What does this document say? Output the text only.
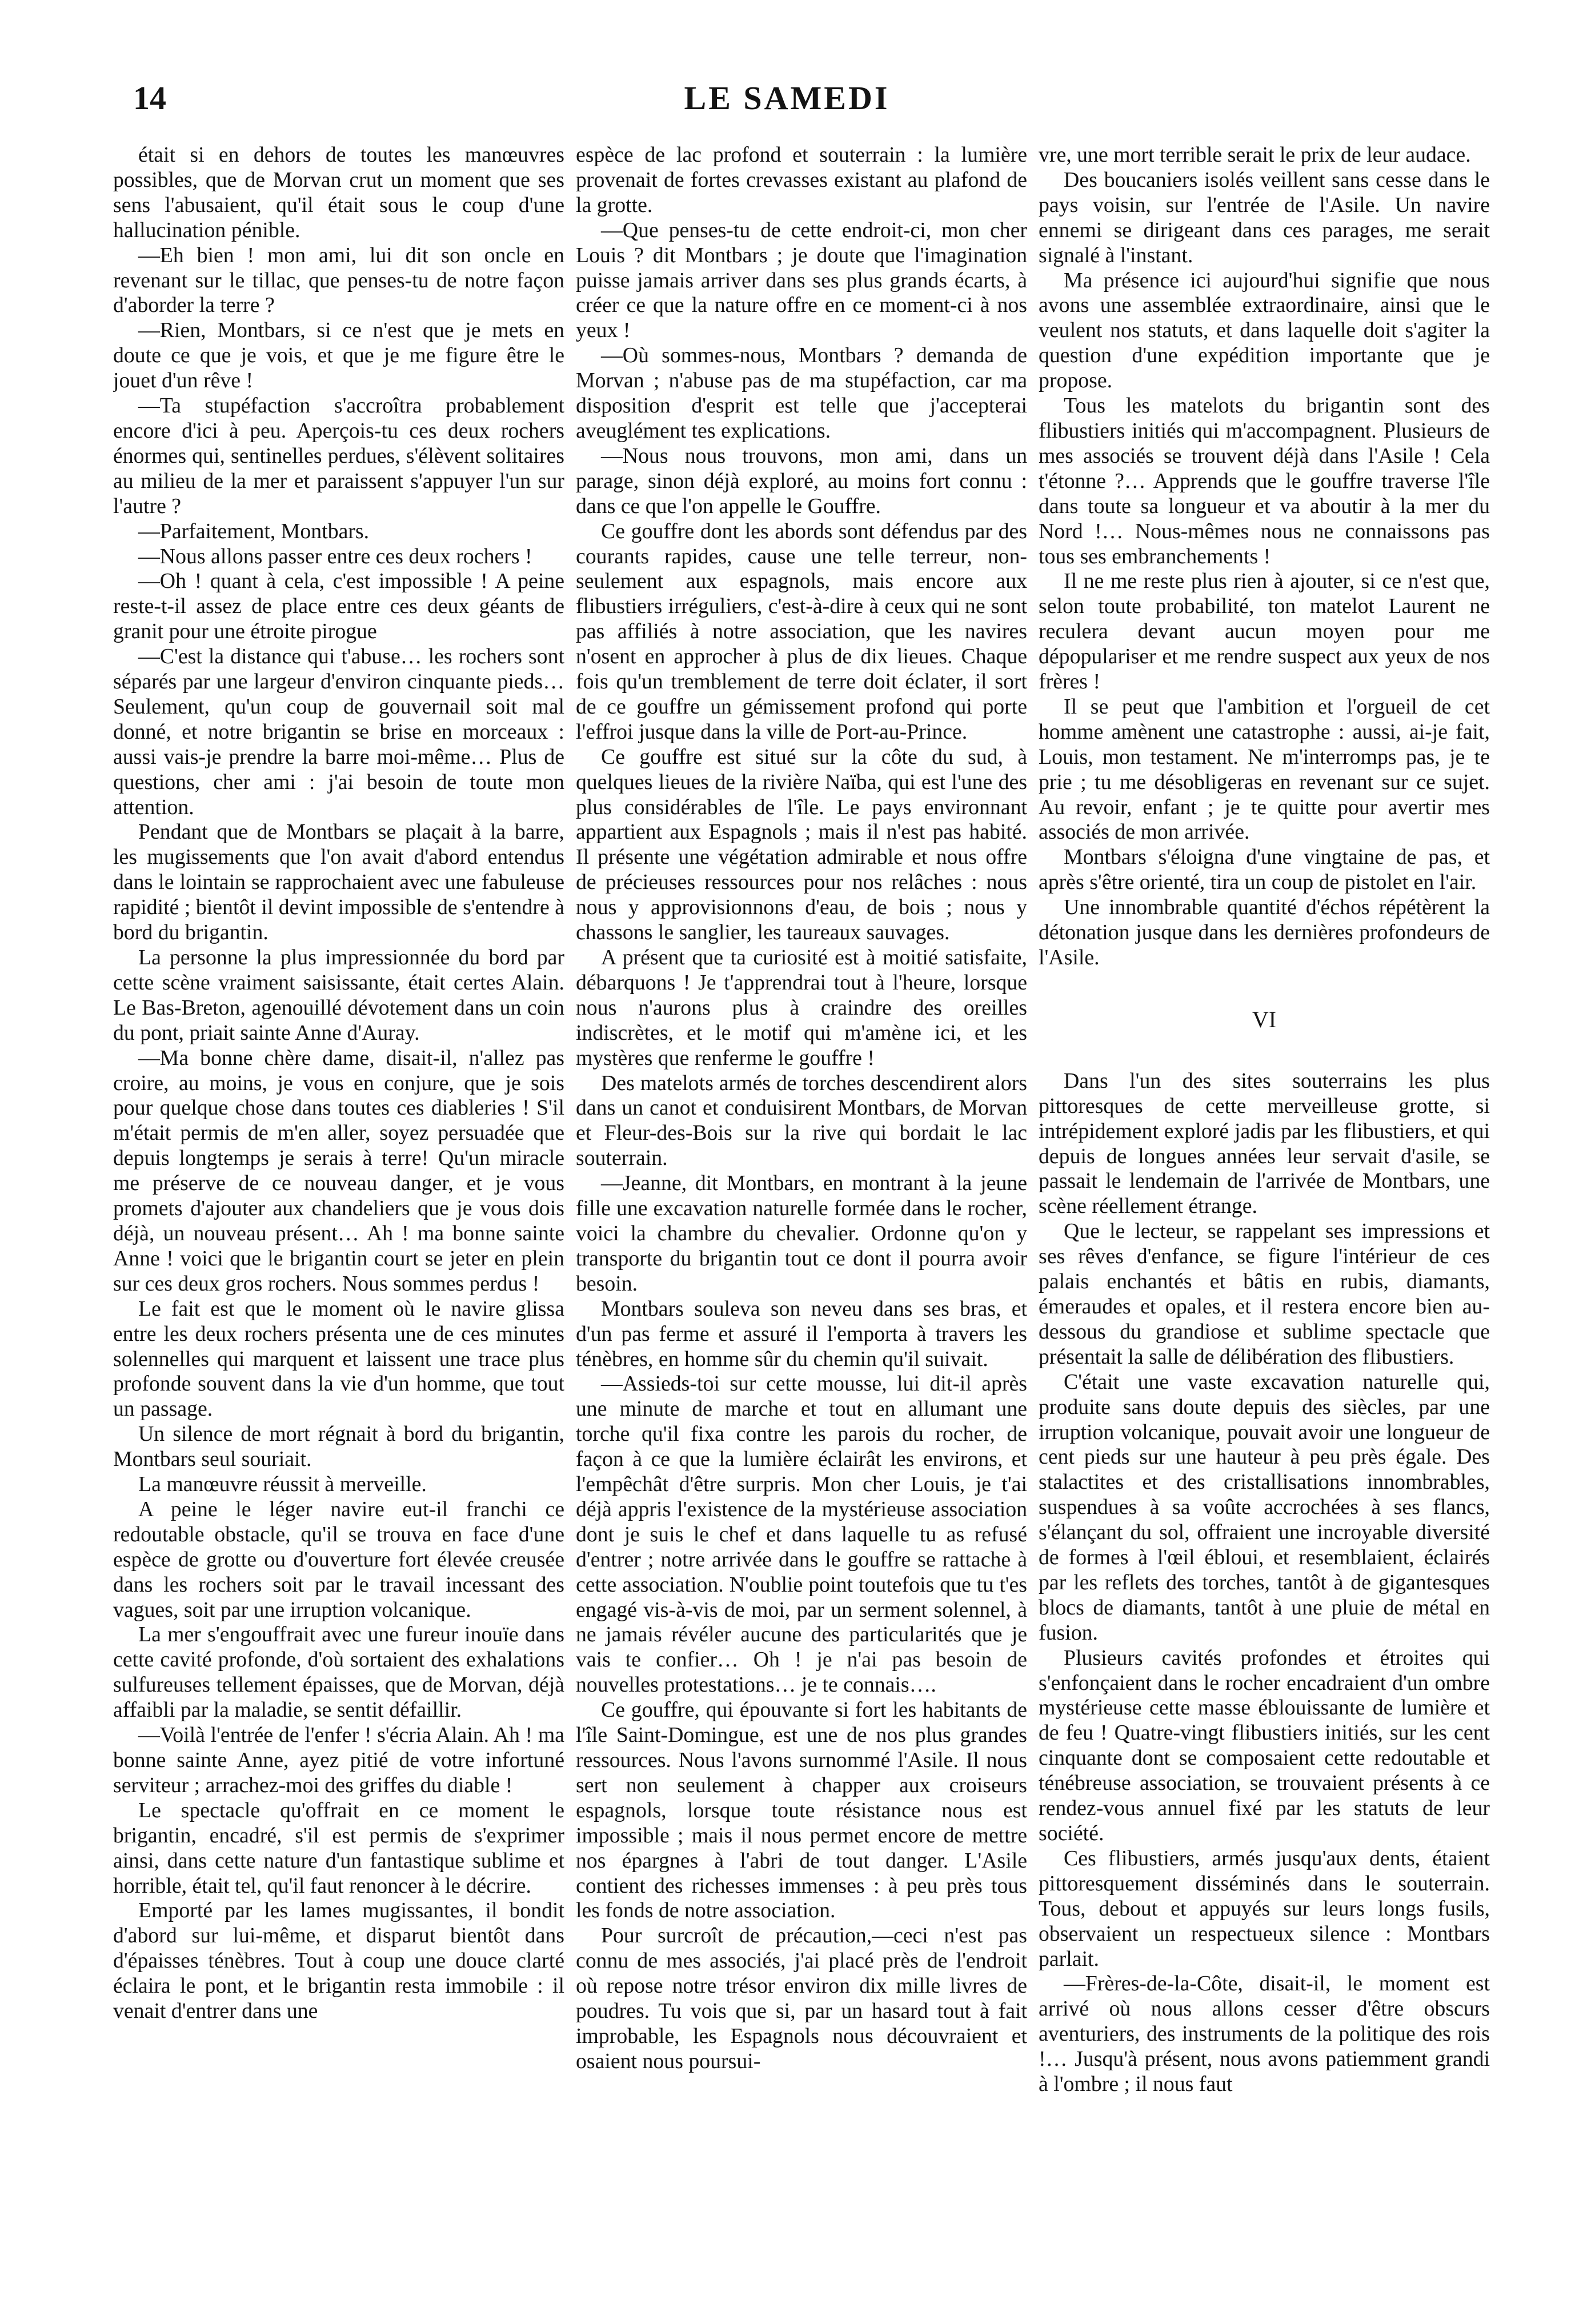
14	LE SAMEDI

était si en dehors de toutes les manœuvres possibles, que de Morvan crut un moment que ses sens l'abusaient, qu'il était sous le coup d'une hallucination pénible.

—Eh bien ! mon ami, lui dit son oncle en revenant sur le tillac, que penses-tu de notre façon d'aborder la terre ?

—Rien, Montbars, si ce n'est que je mets en doute ce que je vois, et que je me figure être le jouet d'un rêve !

—Ta stupéfaction s'accroîtra probablement encore d'ici à peu. Aperçois-tu ces deux rochers énormes qui, sentinelles perdues, s'élèvent solitaires au milieu de la mer et paraissent s'appuyer l'un sur l'autre ?

—Parfaitement, Montbars.

—Nous allons passer entre ces deux rochers !

—Oh ! quant à cela, c'est impossible ! A peine reste-t-il assez de place entre ces deux géants de granit pour une étroite pirogue

—C'est la distance qui t'abuse… les rochers sont séparés par une largeur d'environ cinquante pieds… Seulement, qu'un coup de gouvernail soit mal donné, et notre brigantin se brise en morceaux : aussi vais-je prendre la barre moi-même… Plus de questions, cher ami : j'ai besoin de toute mon attention.

Pendant que de Montbars se plaçait à la barre, les mugissements que l'on avait d'abord entendus dans le lointain se rapprochaient avec une fabuleuse rapidité ; bientôt il devint impossible de s'entendre à bord du brigantin.

La personne la plus impressionnée du bord par cette scène vraiment saisissante, était certes Alain. Le Bas-Breton, agenouillé dévotement dans un coin du pont, priait sainte Anne d'Auray.

—Ma bonne chère dame, disait-il, n'allez pas croire, au moins, je vous en conjure, que je sois pour quelque chose dans toutes ces diableries ! S'il m'était permis de m'en aller, soyez persuadée que depuis longtemps je serais à terre! Qu'un miracle me préserve de ce nouveau danger, et je vous promets d'ajouter aux chandeliers que je vous dois déjà, un nouveau présent… Ah ! ma bonne sainte Anne ! voici que le brigantin court se jeter en plein sur ces deux gros rochers. Nous sommes perdus !

Le fait est que le moment où le navire glissa entre les deux rochers présenta une de ces minutes solennelles qui marquent et laissent une trace plus profonde souvent dans la vie d'un homme, que tout un passage.

Un silence de mort régnait à bord du brigantin, Montbars seul souriait.

La manœuvre réussit à merveille.

A peine le léger navire eut-il franchi ce redoutable obstacle, qu'il se trouva en face d'une espèce de grotte ou d'ouverture fort élevée creusée dans les rochers soit par le travail incessant des vagues, soit par une irruption volcanique.

La mer s'engouffrait avec une fureur inouïe dans cette cavité profonde, d'où sortaient des exhalations sulfureuses tellement épaisses, que de Morvan, déjà affaibli par la maladie, se sentit défaillir.

—Voilà l'entrée de l'enfer ! s'écria Alain. Ah ! ma bonne sainte Anne, ayez pitié de votre infortuné serviteur ; arrachez-moi des griffes du diable !

Le spectacle qu'offrait en ce moment le brigantin, encadré, s'il est permis de s'exprimer ainsi, dans cette nature d'un fantastique sublime et horrible, était tel, qu'il faut renoncer à le décrire.

Emporté par les lames mugissantes, il bondit d'abord sur lui-même, et disparut bientôt dans d'épaisses ténèbres. Tout à coup une douce clarté éclaira le pont, et le brigantin resta immobile : il venait d'entrer dans une

espèce de lac profond et souterrain : la lumière provenait de fortes crevasses existant au plafond de la grotte.

—Que penses-tu de cette endroit-ci, mon cher Louis ? dit Montbars ; je doute que l'imagination puisse jamais arriver dans ses plus grands écarts, à créer ce que la nature offre en ce moment-ci à nos yeux !

—Où sommes-nous, Montbars ? demanda de Morvan ; n'abuse pas de ma stupéfaction, car ma disposition d'esprit est telle que j'accepterai aveuglément tes explications.

—Nous nous trouvons, mon ami, dans un parage, sinon déjà exploré, au moins fort connu : dans ce que l'on appelle le Gouffre.

Ce gouffre dont les abords sont défendus par des courants rapides, cause une telle terreur, non-seulement aux espagnols, mais encore aux flibustiers irréguliers, c'est-à-dire à ceux qui ne sont pas affiliés à notre association, que les navires n'osent en approcher à plus de dix lieues. Chaque fois qu'un tremblement de terre doit éclater, il sort de ce gouffre un gémissement profond qui porte l'effroi jusque dans la ville de Port-au-Prince.

Ce gouffre est situé sur la côte du sud, à quelques lieues de la rivière Naïba, qui est l'une des plus considérables de l'île. Le pays environnant appartient aux Espagnols ; mais il n'est pas habité. Il présente une végétation admirable et nous offre de précieuses ressources pour nos relâches : nous nous y approvisionnons d'eau, de bois ; nous y chassons le sanglier, les taureaux sauvages.

A présent que ta curiosité est à moitié satisfaite, débarquons ! Je t'apprendrai tout à l'heure, lorsque nous n'aurons plus à craindre des oreilles indiscrètes, et le motif qui m'amène ici, et les mystères que renferme le gouffre !

Des matelots armés de torches descendirent alors dans un canot et conduisirent Montbars, de Morvan et Fleur-des-Bois sur la rive qui bordait le lac souterrain.

—Jeanne, dit Montbars, en montrant à la jeune fille une excavation naturelle formée dans le rocher, voici la chambre du chevalier. Ordonne qu'on y transporte du brigantin tout ce dont il pourra avoir besoin.

Montbars souleva son neveu dans ses bras, et d'un pas ferme et assuré il l'emporta à travers les ténèbres, en homme sûr du chemin qu'il suivait.

—Assieds-toi sur cette mousse, lui dit-il après une minute de marche et tout en allumant une torche qu'il fixa contre les parois du rocher, de façon à ce que la lumière éclairât les environs, et l'empêchât d'être surpris. Mon cher Louis, je t'ai déjà appris l'existence de la mystérieuse association dont je suis le chef et dans laquelle tu as refusé d'entrer ; notre arrivée dans le gouffre se rattache à cette association. N'oublie point toutefois que tu t'es engagé vis-à-vis de moi, par un serment solennel, à ne jamais révéler aucune des particularités que je vais te confier… Oh ! je n'ai pas besoin de nouvelles protestations… je te connais….

Ce gouffre, qui épouvante si fort les habitants de l'île Saint-Domingue, est une de nos plus grandes ressources. Nous l'avons surnommé l'Asile. Il nous sert non seulement à chapper aux croiseurs espagnols, lorsque toute résistance nous est impossible ; mais il nous permet encore de mettre nos épargnes à l'abri de tout danger. L'Asile contient des richesses immenses : à peu près tous les fonds de notre association.

Pour surcroît de précaution,—ceci n'est pas connu de mes associés, j'ai placé près de l'endroit où repose notre trésor environ dix mille livres de poudres. Tu vois que si, par un hasard tout à fait improbable, les Espagnols nous découvraient et osaient nous poursui-

vre, une mort terrible serait le prix de leur audace.

Des boucaniers isolés veillent sans cesse dans le pays voisin, sur l'entrée de l'Asile. Un navire ennemi se dirigeant dans ces parages, me serait signalé à l'instant.

Ma présence ici aujourd'hui signifie que nous avons une assemblée extraordinaire, ainsi que le veulent nos statuts, et dans laquelle doit s'agiter la question d'une expédition importante que je propose.

Tous les matelots du brigantin sont des flibustiers initiés qui m'accompagnent. Plusieurs de mes associés se trouvent déjà dans l'Asile ! Cela t'étonne ?… Apprends que le gouffre traverse l'île dans toute sa longueur et va aboutir à la mer du Nord !… Nous-mêmes nous ne connaissons pas tous ses embranchements !

Il ne me reste plus rien à ajouter, si ce n'est que, selon toute probabilité, ton matelot Laurent ne reculera devant aucun moyen pour me dépopulariser et me rendre suspect aux yeux de nos frères !

Il se peut que l'ambition et l'orgueil de cet homme amènent une catastrophe : aussi, ai-je fait, Louis, mon testament. Ne m'interromps pas, je te prie ; tu me désobligeras en revenant sur ce sujet. Au revoir, enfant ; je te quitte pour avertir mes associés de mon arrivée.

Montbars s'éloigna d'une vingtaine de pas, et après s'être orienté, tira un coup de pistolet en l'air.

Une innombrable quantité d'échos répétèrent la détonation jusque dans les dernières profondeurs de l'Asile.

VI

Dans l'un des sites souterrains les plus pittoresques de cette merveilleuse grotte, si intrépidement exploré jadis par les flibustiers, et qui depuis de longues années leur servait d'asile, se passait le lendemain de l'arrivée de Montbars, une scène réellement étrange.

Que le lecteur, se rappelant ses impressions et ses rêves d'enfance, se figure l'intérieur de ces palais enchantés et bâtis en rubis, diamants, émeraudes et opales, et il restera encore bien au-dessous du grandiose et sublime spectacle que présentait la salle de délibération des flibustiers.

C'était une vaste excavation naturelle qui, produite sans doute depuis des siècles, par une irruption volcanique, pouvait avoir une longueur de cent pieds sur une hauteur à peu près égale. Des stalactites et des cristallisations innombrables, suspendues à sa voûte accrochées à ses flancs, s'élançant du sol, offraient une incroyable diversité de formes à l'œil ébloui, et resemblaient, éclairés par les reflets des torches, tantôt à de gigantesques blocs de diamants, tantôt à une pluie de métal en fusion.

Plusieurs cavités profondes et étroites qui s'enfonçaient dans le rocher encadraient d'un ombre mystérieuse cette masse éblouissante de lumière et de feu ! Quatre-vingt flibustiers initiés, sur les cent cinquante dont se composaient cette redoutable et ténébreuse association, se trouvaient présents à ce rendez-vous annuel fixé par les statuts de leur société.

Ces flibustiers, armés jusqu'aux dents, étaient pittoresquement disséminés dans le souterrain. Tous, debout et appuyés sur leurs longs fusils, observaient un respectueux silence : Montbars parlait.

—Frères-de-la-Côte, disait-il, le moment est arrivé où nous allons cesser d'être obscurs aventuriers, des instruments de la politique des rois !… Jusqu'à présent, nous avons patiemment grandi à l'ombre ; il nous faut
